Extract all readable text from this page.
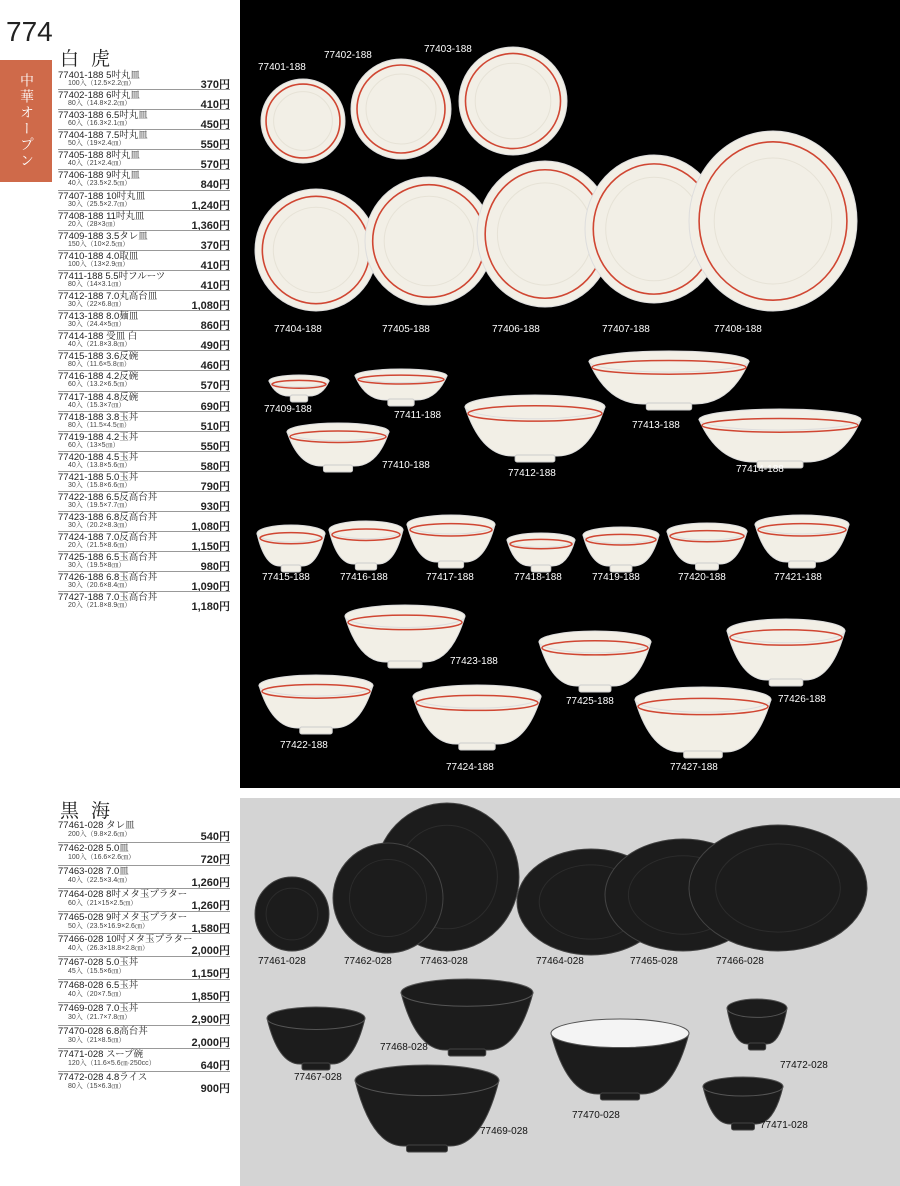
774
中華オープン
白 虎
77401-188 5吋丸皿
100入（12.5×2.2㎝）	370円
77402-188 6吋丸皿
80入（14.8×2.2㎝）	410円
77403-188 6.5吋丸皿
60入（16.3×2.1㎝）	450円
77404-188 7.5吋丸皿
50入（19×2.4㎝）	550円
77405-188 8吋丸皿
40入（21×2.4㎝）	570円
77406-188 9吋丸皿
40入（23.5×2.5㎝）	840円
77407-188 10吋丸皿
30入（25.5×2.7㎝）	1,240円
77408-188 11吋丸皿
20入（28×3㎝）	1,360円
77409-188 3.5タレ皿
150入（10×2.5㎝）	370円
77410-188 4.0取皿
100入（13×2.9㎝）	410円
77411-188 5.5吋フルーツ
80入（14×3.1㎝）	410円
77412-188 7.0丸高台皿
30入（22×6.8㎝）	1,080円
77413-188 8.0麺皿
30入（24.4×5㎝）	860円
77414-188 受皿 白
40入（21.8×3.8㎝）	490円
77415-188 3.6反碗
80入（11.6×5.8㎝）	460円
77416-188 4.2反碗
60入（13.2×6.5㎝）	570円
77417-188 4.8反碗
40入（15.3×7㎝）	690円
77418-188 3.8玉丼
80入（11.5×4.5㎝）	510円
77419-188 4.2玉丼
60入（13×5㎝）	550円
77420-188 4.5玉丼
40入（13.8×5.6㎝）	580円
77421-188 5.0玉丼
30入（15.8×6.6㎝）	790円
77422-188 6.5反高台丼
30入（19.5×7.7㎝）	930円
77423-188 6.8反高台丼
30入（20.2×8.3㎝）	1,080円
77424-188 7.0反高台丼
20入（21.5×8.6㎝）	1,150円
77425-188 6.5玉高台丼
30入（19.5×8㎝）	980円
77426-188 6.8玉高台丼
30入（20.6×8.4㎝）	1,090円
77427-188 7.0玉高台丼
20入（21.8×8.9㎝）	1,180円
黒 海
77461-028 タレ皿
200入（9.8×2.6㎝）	540円
77462-028 5.0皿
100入（16.6×2.6㎝）	720円
77463-028 7.0皿
40入（22.5×3.4㎝）	1,260円
77464-028 8吋メタ玉プラター
60入（21×15×2.5㎝）	1,260円
77465-028 9吋メタ玉プラター
50入（23.5×16.9×2.6㎝）	1,580円
77466-028 10吋メタ玉プラター
40入（26.3×18.8×2.8㎝）	2,000円
77467-028 5.0玉丼
45入（15.5×6㎝）	1,150円
77468-028 6.5玉丼
40入（20×7.5㎝）	1,850円
77469-028 7.0玉丼
30入（21.7×7.8㎝）	2,900円
77470-028 6.8高台丼
30入（21×8.5㎝）	2,000円
77471-028 スープ碗
120入（11.6×5.6㎝·250cc）	640円
77472-028 4.8ライス
80入（15×6.3㎝）	900円
77401-188
77402-188
77403-188
77404-188	77405-188	77406-188	77407-188	77408-188
77409-188
77411-188
77410-188
77412-188
77413-188
77414-188
77415-188	77416-188	77417-188	77418-188	77419-188	77420-188	77421-188
77422-188
77423-188
77424-188
77425-188	77426-188
77427-188
77461-028	77462-028	77463-028	77464-028	77465-028	77466-028
77467-028
77468-028
77469-028
77470-028
77471-028
77472-028
